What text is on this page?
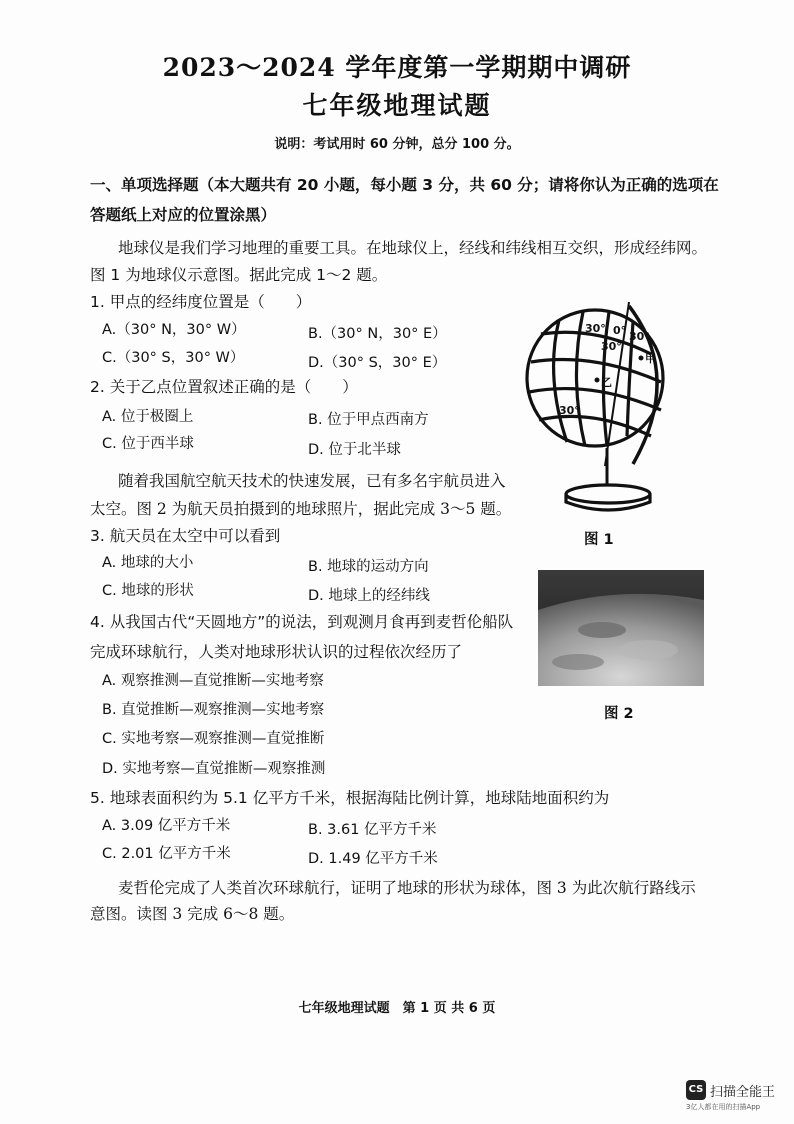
2023～2024 学年度第一学期期中调研
七年级地理试题
说明：考试用时 60 分钟，总分 100 分。
一、单项选择题（本大题共有 20 小题，每小题 3 分，共 60 分；请将你认为正确的选项在
答题纸上对应的位置涂黑）
地球仪是我们学习地理的重要工具。在地球仪上，经线和纬线相互交织，形成经纬网。
图 1 为地球仪示意图。据此完成 1～2 题。
1. 甲点的经纬度位置是（　　）
A.（30° N，30° W）	B.（30° N，30° E）
C.（30° S，30° W）	D.（30° S，30° E）
2. 关于乙点位置叙述正确的是（　　）
A. 位于极圈上	B. 位于甲点西南方
C. 位于西半球	D. 位于北半球
随着我国航空航天技术的快速发展，已有多名宇航员进入
太空。图 2 为航天员拍摄到的地球照片，据此完成 3～5 题。
3. 航天员在太空中可以看到
A. 地球的大小	B. 地球的运动方向
C. 地球的形状	D. 地球上的经纬线
4. 从我国古代“天圆地方”的说法，到观测月食再到麦哲伦船队
完成环球航行，人类对地球形状认识的过程依次经历了
A. 观察推测—直觉推断—实地考察
B. 直觉推断—观察推测—实地考察
C. 实地考察—观察推测—直觉推断
D. 实地考察—直觉推断—观察推测
5. 地球表面积约为 5.1 亿平方千米，根据海陆比例计算，地球陆地面积约为
A. 3.09 亿平方千米	B. 3.61 亿平方千米
C. 2.01 亿平方千米	D. 1.49 亿平方千米
麦哲伦完成了人类首次环球航行，证明了地球的形状为球体，图 3 为此次航行路线示
意图。读图 3 完成 6～8 题。
30° 0° 30°
30°
30°
甲
乙
图 1
图 2
七年级地理试题　第 1 页 共 6 页
CS 扫描全能王
3亿人都在用的扫描App
